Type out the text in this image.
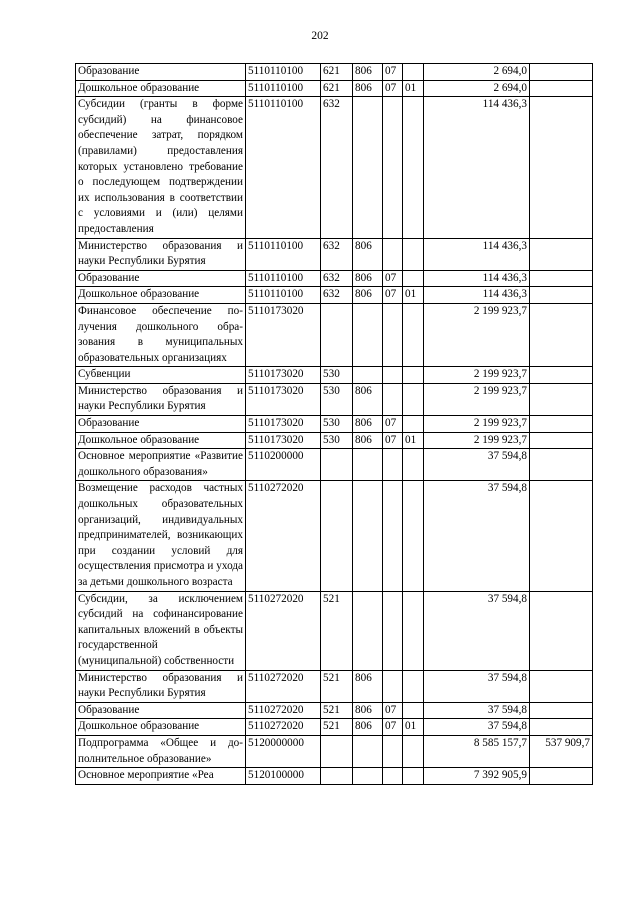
202
Образование	5110110100	621	806	07		2 694,0	
Дошкольное образование	5110110100	621	806	07	01	2 694,0	
Субсидии (гранты в форме субсидий) на финансовое обеспечение затрат, порядком (правилами) предоставления которых установлено требование о последующем подтверждении их использования в соответствии с условиями и (или) целями предоставления	5110110100	632				114 436,3	
Министерство образования и науки Республики Бурятия	5110110100	632	806			114 436,3	
Образование	5110110100	632	806	07		114 436,3	
Дошкольное образование	5110110100	632	806	07	01	114 436,3	
Финансовое обеспечение получения дошкольного образования в муниципальных образовательных организациях	5110173020					2 199 923,7	
Субвенции	5110173020	530				2 199 923,7	
Министерство образования и науки Республики Бурятия	5110173020	530	806			2 199 923,7	
Образование	5110173020	530	806	07		2 199 923,7	
Дошкольное образование	5110173020	530	806	07	01	2 199 923,7	
Основное мероприятие «Развитие дошкольного образования»	5110200000					37 594,8	
Возмещение расходов частных дошкольных образовательных организаций, индивидуальных предпринимателей, возникающих при создании условий для осуществления присмотра и ухода за детьми дошкольного возраста	5110272020					37 594,8	
Субсидии, за исключением субсидий на софинансирование капитальных вложений в объекты государственной (муниципальной) собственности	5110272020	521				37 594,8	
Министерство образования и науки Республики Бурятия	5110272020	521	806			37 594,8	
Образование	5110272020	521	806	07		37 594,8	
Дошкольное образование	5110272020	521	806	07	01	37 594,8	
Подпрограмма «Общее и дополнительное образование»	5120000000					8 585 157,7	537 909,7
Основное мероприятие «Реа	5120100000					7 392 905,9	
